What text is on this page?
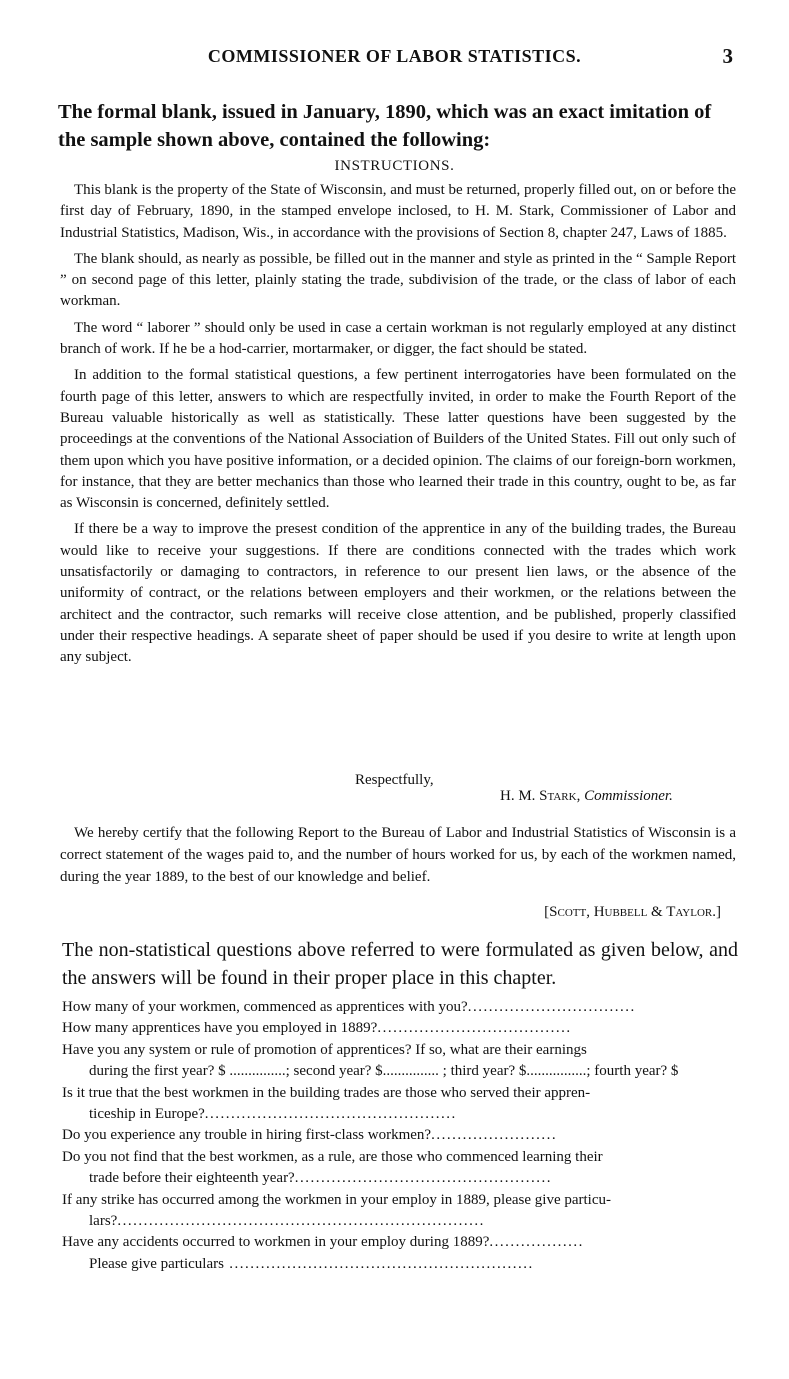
COMMISSIONER OF LABOR STATISTICS.	3
The formal blank, issued in January, 1890, which was an exact imitation of the sample shown above, contained the following:
INSTRUCTIONS.

This blank is the property of the State of Wisconsin, and must be returned, properly filled out, on or before the first day of February, 1890, in the stamped envelope inclosed, to H. M. Stark, Commissioner of Labor and Industrial Statistics, Madison, Wis., in accordance with the provisions of Section 8, chapter 247, Laws of 1885.

The blank should, as nearly as possible, be filled out in the manner and style as printed in the “ Sample Report ” on second page of this letter, plainly stating the trade, subdivision of the trade, or the class of labor of each workman.

The word “ laborer ” should only be used in case a certain workman is not regularly employed at any distinct branch of work. If he be a hod-carrier, mortarmaker, or digger, the fact should be stated.

In addition to the formal statistical questions, a few pertinent interrogatories have been formulated on the fourth page of this letter, answers to which are respectfully invited, in order to make the Fourth Report of the Bureau valuable historically as well as statistically. These latter questions have been suggested by the proceedings at the conventions of the National Association of Builders of the United States. Fill out only such of them upon which you have positive information, or a decided opinion. The claims of our foreign-born workmen, for instance, that they are better mechanics than those who learned their trade in this country, ought to be, as far as Wisconsin is concerned, definitely settled.

If there be a way to improve the presest condition of the apprentice in any of the building trades, the Bureau would like to receive your suggestions. If there are conditions connected with the trades which work unsatisfactorily or damaging to contractors, in reference to our present lien laws, or the absence of the uniformity of contract, or the relations between employers and their workmen, or the relations between the architect and the contractor, such remarks will receive close attention, and be published, properly classified under their respective headings. A separate sheet of paper should be used if you desire to write at length upon any subject.

Respectfully,
H. M. Stark, Commissioner.

We hereby certify that the following Report to the Bureau of Labor and Industrial Statistics of Wisconsin is a correct statement of the wages paid to, and the number of hours worked for us, by each of the workmen named, during the year 1889, to the best of our knowledge and belief.

[Scott, Hubbell & Taylor.]
The non-statistical questions above referred to were formulated as given below, and the answers will be found in their proper place in this chapter.
How many of your workmen, commenced as apprentices with you?................................
How many apprentices have you employed in 1889?.....................................
Have you any system or rule of promotion of apprentices? If so, what are their earnings
during the first year? $ ...............; second year? $............... ; third year? $................; fourth year? $
Is it true that the best workmen in the building trades are those who served their appren-
ticeship in Europe?................................................
Do you experience any trouble in hiring first-class workmen?........................
Do you not find that the best workmen, as a rule, are those who commenced learning their
trade before their eighteenth year?.................................................
If any strike has occurred among the workmen in your employ in 1889, please give particu-
lars?......................................................................
Have any accidents occurred to workmen in your employ during 1889?..................
Please give particulars ..........................................................
